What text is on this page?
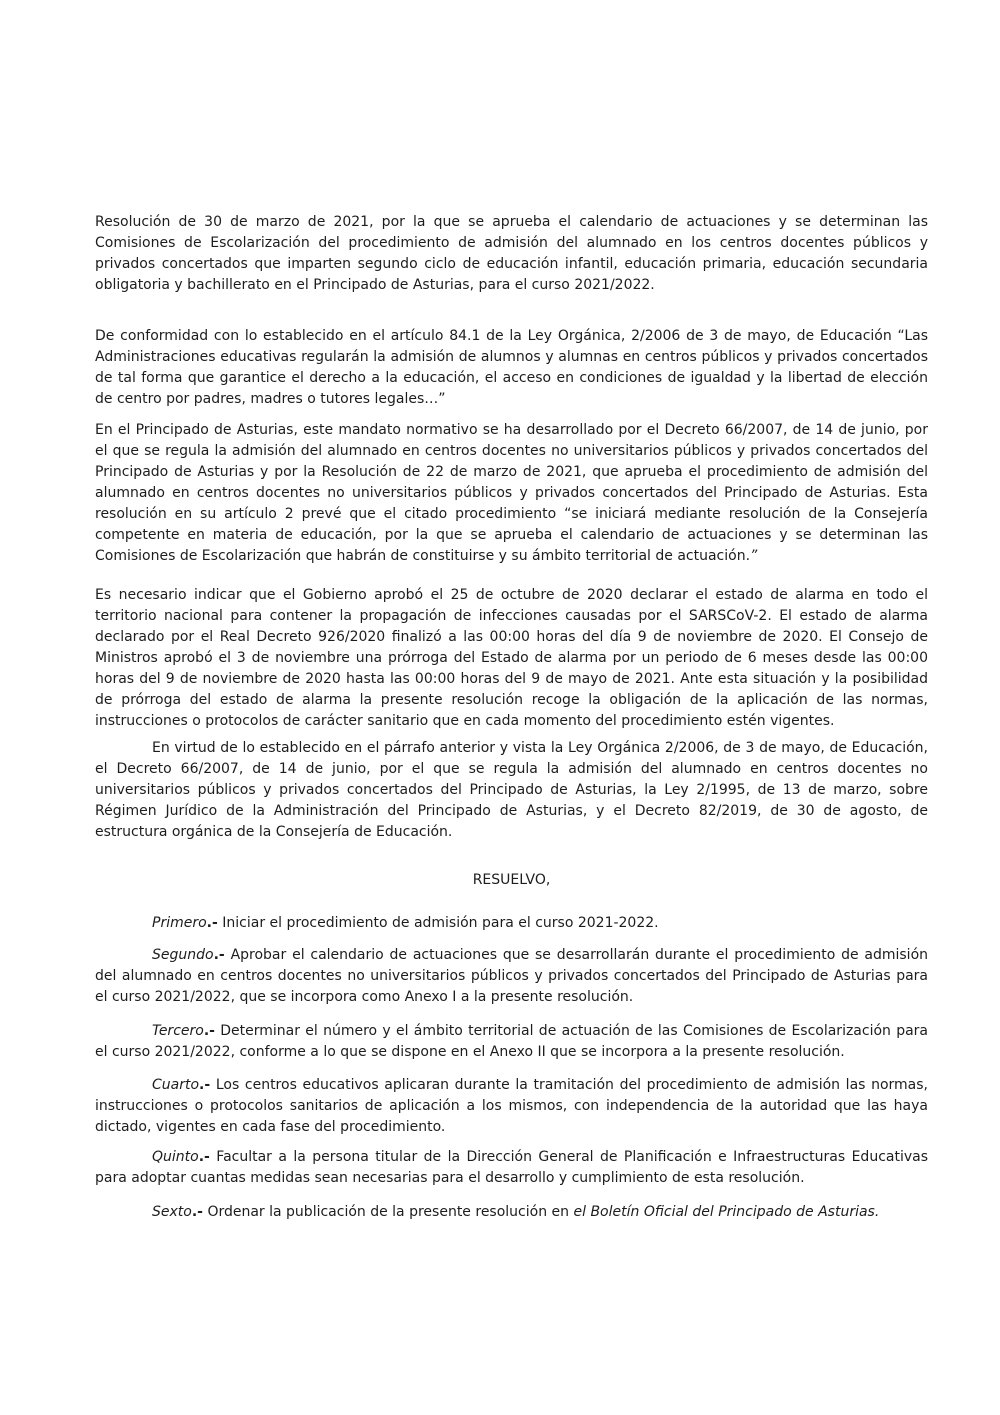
Resolución de 30 de marzo de 2021, por la que se aprueba el calendario de actuaciones y se determinan las Comisiones de Escolarización del procedimiento de admisión del alumnado en los centros docentes públicos y privados concertados que imparten segundo ciclo de educación infantil, educación primaria, educación secundaria obligatoria y bachillerato en el Principado de Asturias, para el curso 2021/2022.

De conformidad con lo establecido en el artículo 84.1 de la Ley Orgánica, 2/2006 de 3 de mayo, de Educación “Las Administraciones educativas regularán la admisión de alumnos y alumnas en centros públicos y privados concertados de tal forma que garantice el derecho a la educación, el acceso en condiciones de igualdad y la libertad de elección de centro por padres, madres o tutores legales…”

En el Principado de Asturias, este mandato normativo se ha desarrollado por el Decreto 66/2007, de 14 de junio, por el que se regula la admisión del alumnado en centros docentes no universitarios públicos y privados concertados del Principado de Asturias y por la Resolución de 22 de marzo de 2021, que aprueba el procedimiento de admisión del alumnado en centros docentes no universitarios públicos y privados concertados del Principado de Asturias. Esta resolución en su artículo 2 prevé que el citado procedimiento “se iniciará mediante resolución de la Consejería competente en materia de educación, por la que se aprueba el calendario de actuaciones y se determinan las Comisiones de Escolarización que habrán de constituirse y su ámbito territorial de actuación.”

Es necesario indicar que el Gobierno aprobó el 25 de octubre de 2020 declarar el estado de alarma en todo el territorio nacional para contener la propagación de infecciones causadas por el SARSCoV-2. El estado de alarma declarado por el Real Decreto 926/2020 finalizó a las 00:00 horas del día 9 de noviembre de 2020. El Consejo de Ministros aprobó el 3 de noviembre una prórroga del Estado de alarma por un periodo de 6 meses desde las 00:00 horas del 9 de noviembre de 2020 hasta las 00:00 horas del 9 de mayo de 2021. Ante esta situación y la posibilidad de prórroga del estado de alarma la presente resolución recoge la obligación de la aplicación de las normas, instrucciones o protocolos de carácter sanitario que en cada momento del procedimiento estén vigentes.

En virtud de lo establecido en el párrafo anterior y vista la Ley Orgánica 2/2006, de 3 de mayo, de Educación, el Decreto 66/2007, de 14 de junio, por el que se regula la admisión del alumnado en centros docentes no universitarios públicos y privados concertados del Principado de Asturias, la Ley 2/1995, de 13 de marzo, sobre Régimen Jurídico de la Administración del Principado de Asturias, y el Decreto 82/2019, de 30 de agosto, de estructura orgánica de la Consejería de Educación.

RESUELVO,

Primero.- Iniciar el procedimiento de admisión para el curso 2021-2022.

Segundo.- Aprobar el calendario de actuaciones que se desarrollarán durante el procedimiento de admisión del alumnado en centros docentes no universitarios públicos y privados concertados del Principado de Asturias para el curso 2021/2022, que se incorpora como Anexo I a la presente resolución.

Tercero.- Determinar el número y el ámbito territorial de actuación de las Comisiones de Escolarización para el curso 2021/2022, conforme a lo que se dispone en el Anexo II que se incorpora a la presente resolución.

Cuarto.- Los centros educativos aplicaran durante la tramitación del procedimiento de admisión las normas, instrucciones o protocolos sanitarios de aplicación a los mismos, con independencia de la autoridad que las haya dictado, vigentes en cada fase del procedimiento.

Quinto.- Facultar a la persona titular de la Dirección General de Planificación e Infraestructuras Educativas para adoptar cuantas medidas sean necesarias para el desarrollo y cumplimiento de esta resolución.

Sexto.- Ordenar la publicación de la presente resolución en el Boletín Oficial del Principado de Asturias.
